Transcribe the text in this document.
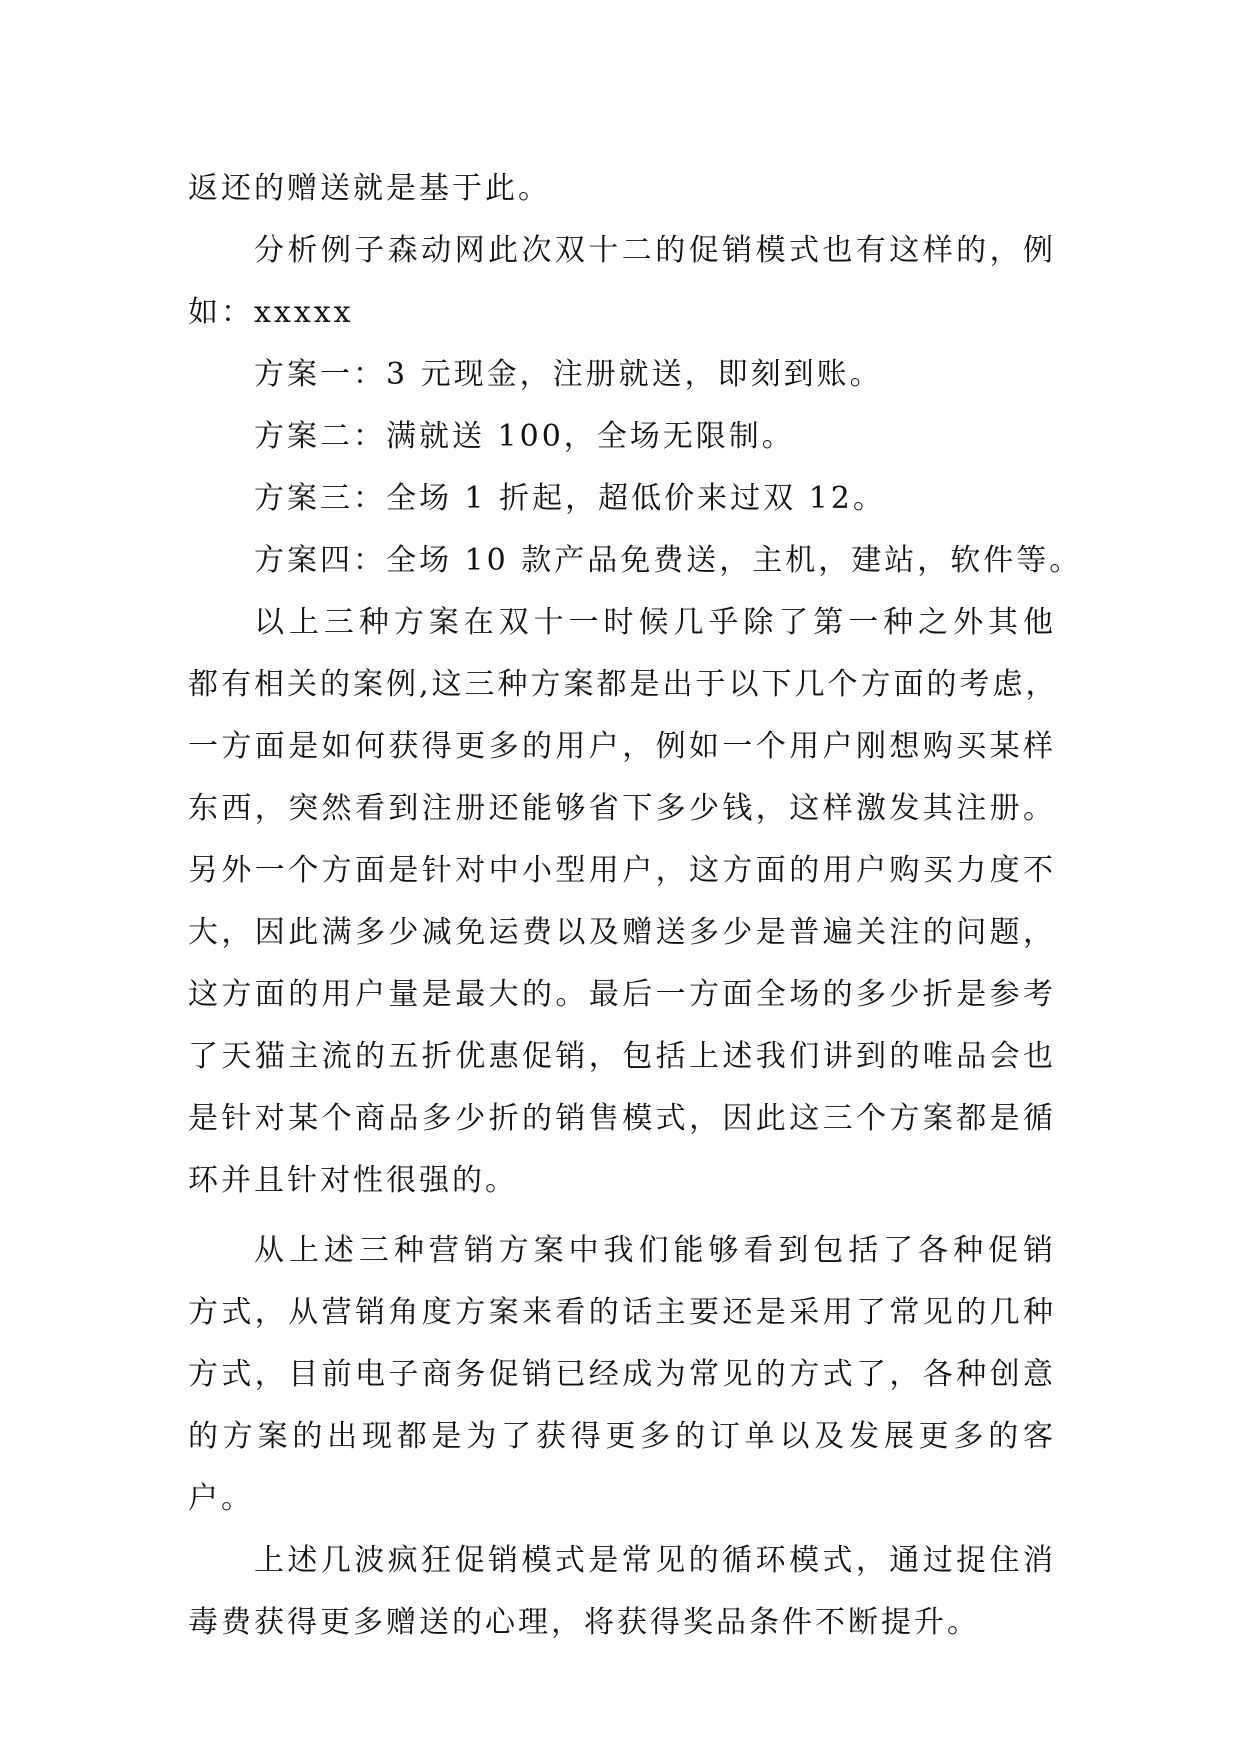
返还的赠送就是基于此。
分析例子森动网此次双十二的促销模式也有这样的，例
如：xxxxx
方案一：3 元现金，注册就送，即刻到账。
方案二：满就送 100，全场无限制。
方案三：全场 1 折起，超低价来过双 12。
方案四：全场 10 款产品免费送，主机，建站，软件等。
以上三种方案在双十一时候几乎除了第一种之外其他
都有相关的案例,这三种方案都是出于以下几个方面的考虑，
一方面是如何获得更多的用户，例如一个用户刚想购买某样
东西，突然看到注册还能够省下多少钱，这样激发其注册。
另外一个方面是针对中小型用户，这方面的用户购买力度不
大，因此满多少减免运费以及赠送多少是普遍关注的问题，
这方面的用户量是最大的。最后一方面全场的多少折是参考
了天猫主流的五折优惠促销，包括上述我们讲到的唯品会也
是针对某个商品多少折的销售模式，因此这三个方案都是循
环并且针对性很强的。
从上述三种营销方案中我们能够看到包括了各种促销
方式，从营销角度方案来看的话主要还是采用了常见的几种
方式，目前电子商务促销已经成为常见的方式了，各种创意
的方案的出现都是为了获得更多的订单以及发展更多的客
户。
上述几波疯狂促销模式是常见的循环模式，通过捉住消
毒费获得更多赠送的心理，将获得奖品条件不断提升。
